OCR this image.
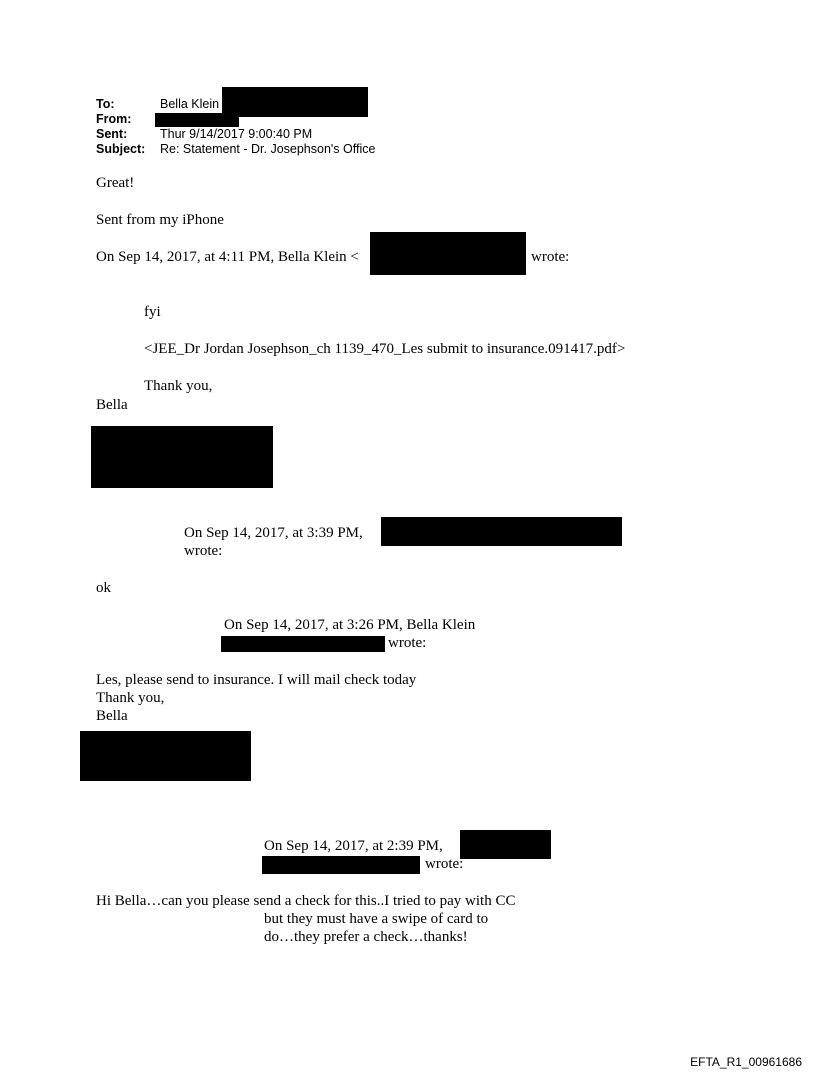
To:	Bella Klein
From:
Sent:	Thur 9/14/2017 9:00:40 PM
Subject: Re: Statement - Dr. Josephson's Office
Great!
Sent from my iPhone
On Sep 14, 2017, at 4:11 PM, Bella Klein <	wrote:
fyi
<JEE_Dr Jordan Josephson_ch 1139_470_Les submit to insurance.091417.pdf>
Thank you,
Bella
On Sep 14, 2017, at 3:39 PM,
wrote:
ok
On Sep 14, 2017, at 3:26 PM, Bella Klein
wrote:
Les, please send to insurance. I will mail check today
Thank you,
Bella
On Sep 14, 2017, at 2:39 PM,
wrote:
Hi Bella…can you please send a check for this..I tried to pay with CC
but they must have a swipe of card to
do…they prefer a check…thanks!
EFTA_R1_00961686
